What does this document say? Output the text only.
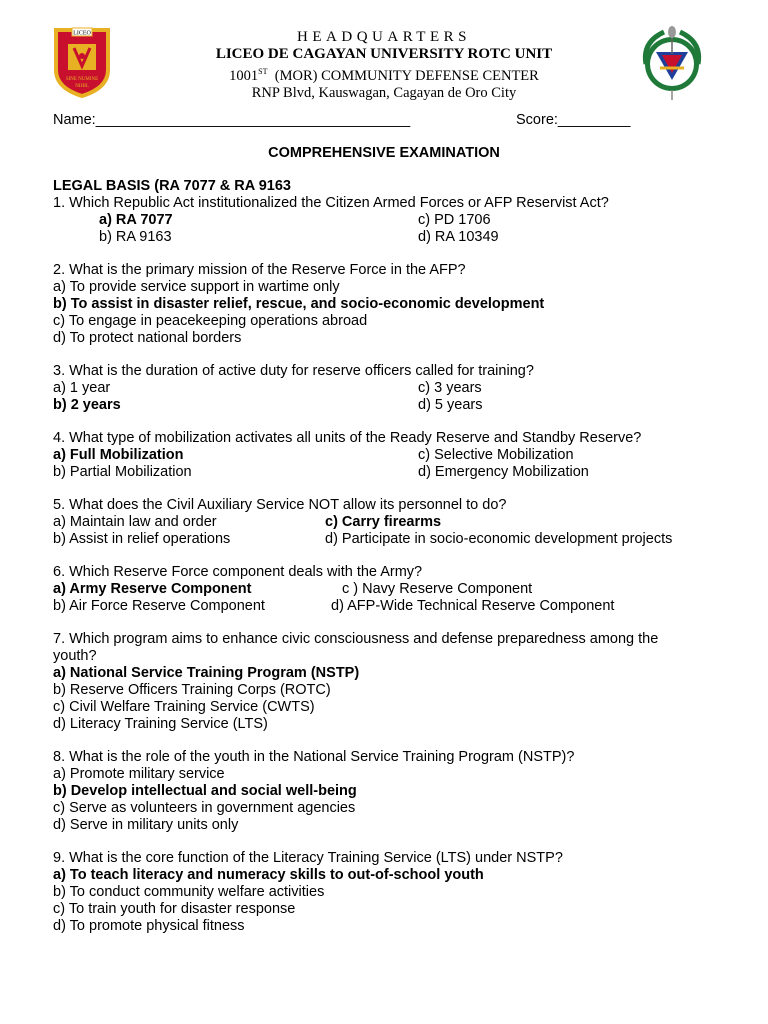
LICEO
SINE NUMINE
NIHIL
HEADQUARTERS
LICEO DE CAGAYAN UNIVERSITY ROTC UNIT
1001ST  (MOR) COMMUNITY DEFENSE CENTER
RNP Blvd, Kauswagan, Cagayan de Oro City
Name:_______________________________________	Score:_________
COMPREHENSIVE EXAMINATION
LEGAL BASIS (RA 7077 & RA 9163
1. Which Republic Act institutionalized the Citizen Armed Forces or AFP Reservist Act?
a) RA 7077
b) RA 9163
c) PD 1706
d) RA 10349
2. What is the primary mission of the Reserve Force in the AFP?
a) To provide service support in wartime only
b) To assist in disaster relief, rescue, and socio-economic development
c) To engage in peacekeeping operations abroad
d) To protect national borders
3. What is the duration of active duty for reserve officers called for training?
a) 1 year
b) 2 years
c) 3 years
d) 5 years
4. What type of mobilization activates all units of the Ready Reserve and Standby Reserve?
a) Full Mobilization
b) Partial Mobilization
c) Selective Mobilization
d) Emergency Mobilization
5. What does the Civil Auxiliary Service NOT allow its personnel to do?
a) Maintain law and order
b) Assist in relief operations
c) Carry firearms
d) Participate in socio-economic development projects
6. Which Reserve Force component deals with the Army?
a) Army Reserve Component
b) Air Force Reserve Component
c ) Navy Reserve Component
d) AFP-Wide Technical Reserve Component
7. Which program aims to enhance civic consciousness and defense preparedness among the
youth?
a) National Service Training Program (NSTP)
b) Reserve Officers Training Corps (ROTC)
c) Civil Welfare Training Service (CWTS)
d) Literacy Training Service (LTS)
8. What is the role of the youth in the National Service Training Program (NSTP)?
a) Promote military service
b) Develop intellectual and social well-being
c) Serve as volunteers in government agencies
d) Serve in military units only
9. What is the core function of the Literacy Training Service (LTS) under NSTP?
a) To teach literacy and numeracy skills to out-of-school youth
b) To conduct community welfare activities
c) To train youth for disaster response
d) To promote physical fitness
